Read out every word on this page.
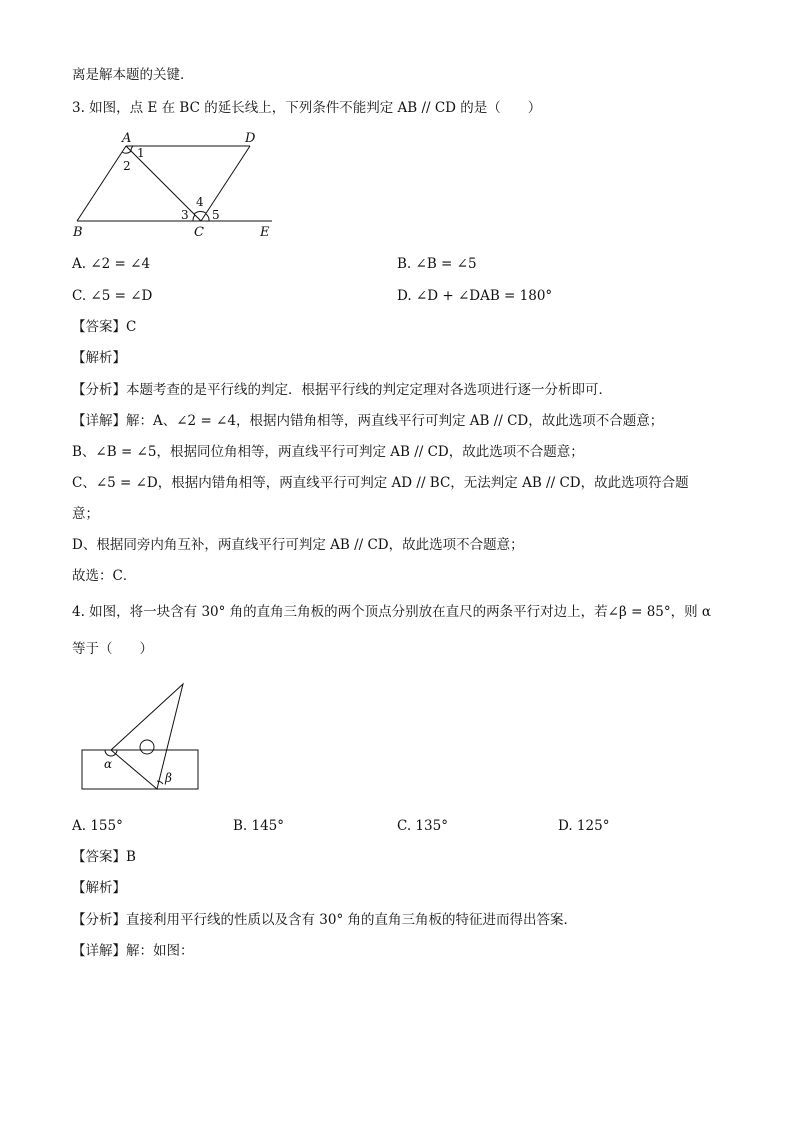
离是解本题的关键．
3. 如图，点 E 在 BC 的延长线上，下列条件不能判定 AB // CD 的是（　　）
A	D
B	C	E
1
2
3
4
5
A. ∠2 = ∠4	B. ∠B = ∠5
C. ∠5 = ∠D	D. ∠D + ∠DAB = 180°
【答案】C
【解析】
【分析】本题考查的是平行线的判定．根据平行线的判定定理对各选项进行逐一分析即可．
【详解】解：A、∠2 = ∠4，根据内错角相等，两直线平行可判定 AB // CD，故此选项不合题意；
B、∠B = ∠5，根据同位角相等，两直线平行可判定 AB // CD，故此选项不合题意；
C、∠5 = ∠D，根据内错角相等，两直线平行可判定 AD // BC，无法判定 AB // CD，故此选项符合题
意；
D、根据同旁内角互补，两直线平行可判定 AB // CD，故此选项不合题意；
故选：C．
4. 如图，将一块含有 30° 角的直角三角板的两个顶点分别放在直尺的两条平行对边上，若∠β = 85°，则 α
等于（　　）
α
β
A. 155°	B. 145°	C. 135°	D. 125°
【答案】B
【解析】
【分析】直接利用平行线的性质以及含有 30° 角的直角三角板的特征进而得出答案．
【详解】解：如图：
